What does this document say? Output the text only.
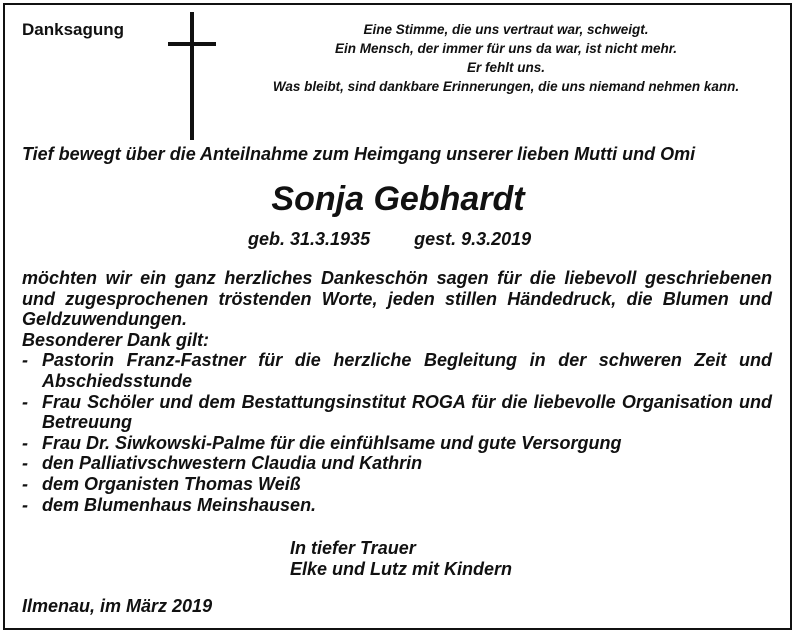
Danksagung	Eine Stimme, die uns vertraut war, schweigt.
Ein Mensch, der immer für uns da war, ist nicht mehr.
Er fehlt uns.
Was bleibt, sind dankbare Erinnerungen, die uns niemand nehmen kann.
Tief bewegt über die Anteilnahme zum Heimgang unserer lieben Mutti und Omi
Sonja Gebhardt
geb. 31.3.1935 gest. 9.3.2019

möchten wir ein ganz herzliches Dankeschön sagen für die liebevoll geschriebenen und zugesprochenen tröstenden Worte, jeden stillen Händedruck, die Blumen und Geldzuwendungen.

Besonderer Dank gilt:

- Pastorin Franz-Fastner für die herzliche Begleitung in der schweren Zeit und Abschiedsstunde
- Frau Schöler und dem Bestattungsinstitut ROGA für die liebevolle Organisation und Betreuung
- Frau Dr. Siwkowski-Palme für die einfühlsame und gute Versorgung
- den Palliativschwestern Claudia und Kathrin
- dem Organisten Thomas Weiß
- dem Blumenhaus Meinshausen.
In tiefer Trauer
Elke und Lutz mit Kindern
Ilmenau, im März 2019
